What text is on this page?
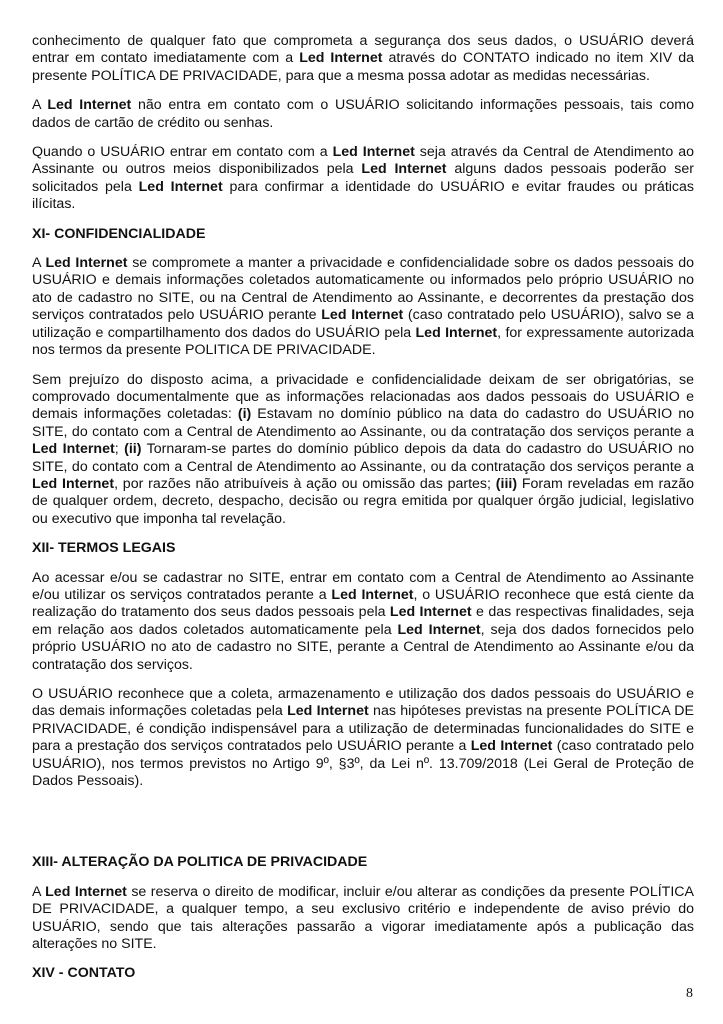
conhecimento de qualquer fato que comprometa a segurança dos seus dados, o USUÁRIO deverá entrar em contato imediatamente com a Led Internet através do CONTATO indicado no item XIV da presente POLÍTICA DE PRIVACIDADE, para que a mesma possa adotar as medidas necessárias.

A Led Internet não entra em contato com o USUÁRIO solicitando informações pessoais, tais como dados de cartão de crédito ou senhas.

Quando o USUÁRIO entrar em contato com a Led Internet seja através da Central de Atendimento ao Assinante ou outros meios disponibilizados pela Led Internet alguns dados pessoais poderão ser solicitados pela Led Internet para confirmar a identidade do USUÁRIO e evitar fraudes ou práticas ilícitas.

XI- CONFIDENCIALIDADE

A Led Internet se compromete a manter a privacidade e confidencialidade sobre os dados pessoais do USUÁRIO e demais informações coletados automaticamente ou informados pelo próprio USUÁRIO no ato de cadastro no SITE, ou na Central de Atendimento ao Assinante, e decorrentes da prestação dos serviços contratados pelo USUÁRIO perante Led Internet (caso contratado pelo USUÁRIO), salvo se a utilização e compartilhamento dos dados do USUÁRIO pela Led Internet, for expressamente autorizada nos termos da presente POLITICA DE PRIVACIDADE.

Sem prejuízo do disposto acima, a privacidade e confidencialidade deixam de ser obrigatórias, se comprovado documentalmente que as informações relacionadas aos dados pessoais do USUÁRIO e demais informações coletadas: (i) Estavam no domínio público na data do cadastro do USUÁRIO no SITE, do contato com a Central de Atendimento ao Assinante, ou da contratação dos serviços perante a Led Internet; (ii) Tornaram-se partes do domínio público depois da data do cadastro do USUÁRIO no SITE, do contato com a Central de Atendimento ao Assinante, ou da contratação dos serviços perante a Led Internet, por razões não atribuíveis à ação ou omissão das partes; (iii) Foram reveladas em razão de qualquer ordem, decreto, despacho, decisão ou regra emitida por qualquer órgão judicial, legislativo ou executivo que imponha tal revelação.

XII- TERMOS LEGAIS

Ao acessar e/ou se cadastrar no SITE, entrar em contato com a Central de Atendimento ao Assinante e/ou utilizar os serviços contratados perante a Led Internet, o USUÁRIO reconhece que está ciente da realização do tratamento dos seus dados pessoais pela Led Internet e das respectivas finalidades, seja em relação aos dados coletados automaticamente pela Led Internet, seja dos dados fornecidos pelo próprio USUÁRIO no ato de cadastro no SITE, perante a Central de Atendimento ao Assinante e/ou da contratação dos serviços.

O USUÁRIO reconhece que a coleta, armazenamento e utilização dos dados pessoais do USUÁRIO e das demais informações coletadas pela Led Internet nas hipóteses previstas na presente POLÍTICA DE PRIVACIDADE, é condição indispensável para a utilização de determinadas funcionalidades do SITE e para a prestação dos serviços contratados pelo USUÁRIO perante a Led Internet (caso contratado pelo USUÁRIO), nos termos previstos no Artigo 9º, §3º, da Lei nº. 13.709/2018 (Lei Geral de Proteção de Dados Pessoais).

XIII- ALTERAÇÃO DA POLITICA DE PRIVACIDADE

A Led Internet se reserva o direito de modificar, incluir e/ou alterar as condições da presente POLÍTICA DE PRIVACIDADE, a qualquer tempo, a seu exclusivo critério e independente de aviso prévio do USUÁRIO, sendo que tais alterações passarão a vigorar imediatamente após a publicação das alterações no SITE.

XIV - CONTATO
8
